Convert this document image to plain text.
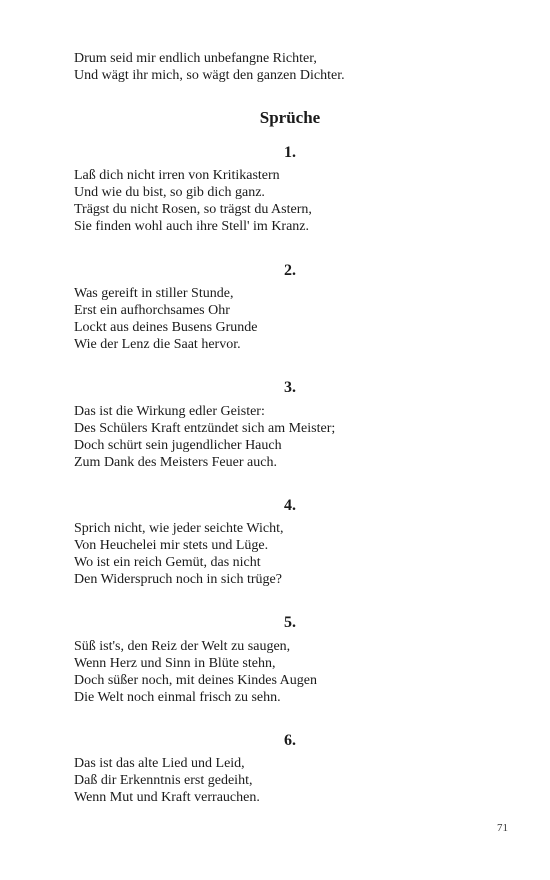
Drum seid mir endlich unbefangne Richter,
Und wägt ihr mich, so wägt den ganzen Dichter.
Sprüche
1.
Laß dich nicht irren von Kritikastern
Und wie du bist, so gib dich ganz.
Trägst du nicht Rosen, so trägst du Astern,
Sie finden wohl auch ihre Stell' im Kranz.
2.
Was gereift in stiller Stunde,
Erst ein aufhorchsames Ohr
Lockt aus deines Busens Grunde
Wie der Lenz die Saat hervor.
3.
Das ist die Wirkung edler Geister:
Des Schülers Kraft entzündet sich am Meister;
Doch schürt sein jugendlicher Hauch
Zum Dank des Meisters Feuer auch.
4.
Sprich nicht, wie jeder seichte Wicht,
Von Heuchelei mir stets und Lüge.
Wo ist ein reich Gemüt, das nicht
Den Widerspruch noch in sich trüge?
5.
Süß ist's, den Reiz der Welt zu saugen,
Wenn Herz und Sinn in Blüte stehn,
Doch süßer noch, mit deines Kindes Augen
Die Welt noch einmal frisch zu sehn.
6.
Das ist das alte Lied und Leid,
Daß dir Erkenntnis erst gedeiht,
Wenn Mut und Kraft verrauchen.
71
